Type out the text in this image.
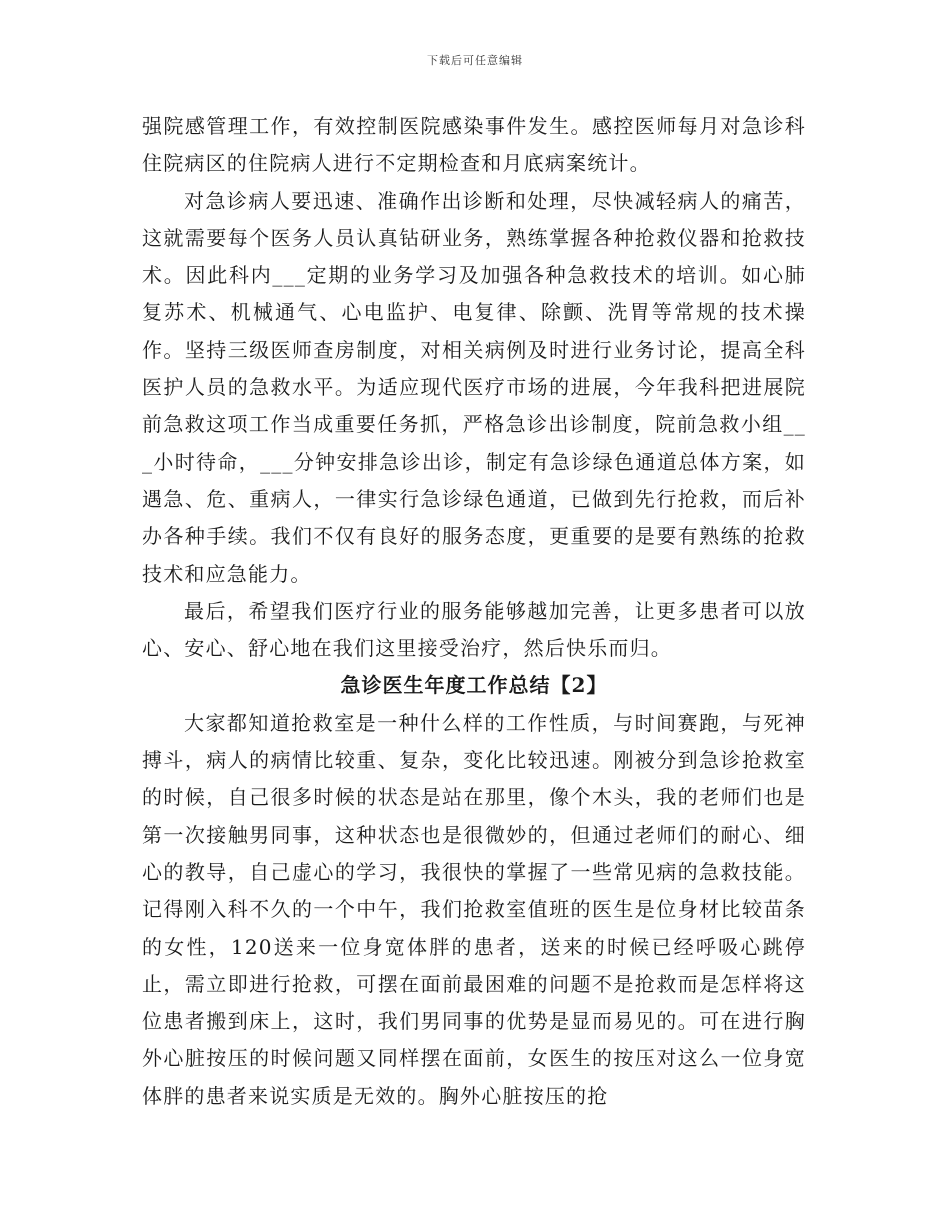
下载后可任意编辑

强院感管理工作，有效控制医院感染事件发生。感控医师每月对急诊科住院病区的住院病人进行不定期检查和月底病案统计。

对急诊病人要迅速、准确作出诊断和处理，尽快减轻病人的痛苦，这就需要每个医务人员认真钻研业务，熟练掌握各种抢救仪器和抢救技术。因此科内___定期的业务学习及加强各种急救技术的培训。如心肺复苏术、机械通气、心电监护、电复律、除颤、洗胃等常规的技术操作。坚持三级医师查房制度，对相关病例及时进行业务讨论，提高全科医护人员的急救水平。为适应现代医疗市场的进展，今年我科把进展院前急救这项工作当成重要任务抓，严格急诊出诊制度，院前急救小组___小时待命，___分钟安排急诊出诊，制定有急诊绿色通道总体方案，如遇急、危、重病人，一律实行急诊绿色通道，已做到先行抢救，而后补办各种手续。我们不仅有良好的服务态度，更重要的是要有熟练的抢救技术和应急能力。

最后，希望我们医疗行业的服务能够越加完善，让更多患者可以放心、安心、舒心地在我们这里接受治疗，然后快乐而归。

急诊医生年度工作总结【2】

大家都知道抢救室是一种什么样的工作性质，与时间赛跑，与死神搏斗，病人的病情比较重、复杂，变化比较迅速。刚被分到急诊抢救室的时候，自己很多时候的状态是站在那里，像个木头，我的老师们也是第一次接触男同事，这种状态也是很微妙的，但通过老师们的耐心、细心的教导，自己虚心的学习，我很快的掌握了一些常见病的急救技能。记得刚入科不久的一个中午，我们抢救室值班的医生是位身材比较苗条的女性，120送来一位身宽体胖的患者，送来的时候已经呼吸心跳停止，需立即进行抢救，可摆在面前最困难的问题不是抢救而是怎样将这位患者搬到床上，这时，我们男同事的优势是显而易见的。可在进行胸外心脏按压的时候问题又同样摆在面前，女医生的按压对这么一位身宽体胖的患者来说实质是无效的。胸外心脏按压的抢
